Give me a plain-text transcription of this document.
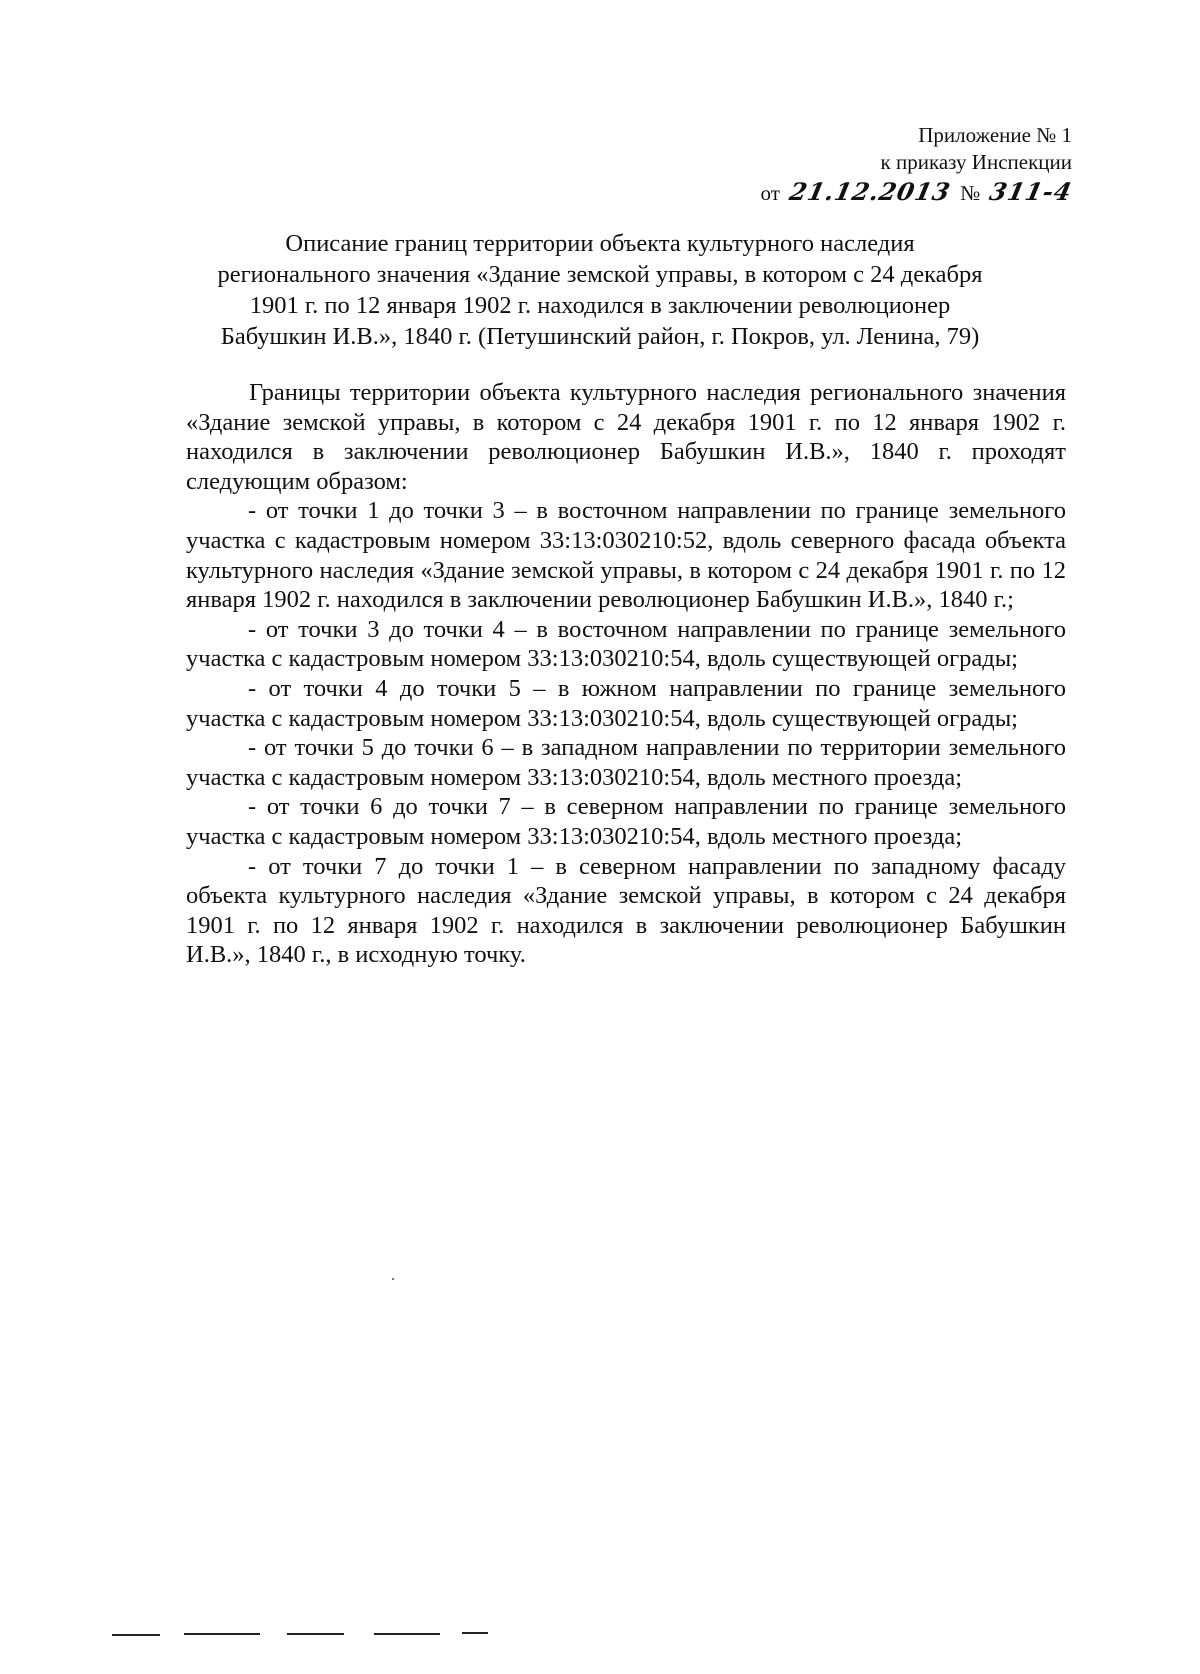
Приложение № 1
к приказу Инспекции
от 21.12.2013 № 311-4
Описание границ территории объекта культурного наследия
регионального значения «Здание земской управы, в котором с 24 декабря
1901 г. по 12 января 1902 г. находился в заключении революционер
Бабушкин И.В.», 1840 г. (Петушинский район, г. Покров, ул. Ленина, 79)

Границы территории объекта культурного наследия регионального значения «Здание земской управы, в котором с 24 декабря 1901 г. по 12 января 1902 г. находился в заключении революционер Бабушкин И.В.», 1840 г. проходят следующим образом:

- от точки 1 до точки 3 – в восточном направлении по границе земельного участка с кадастровым номером 33:13:030210:52, вдоль северного фасада объекта культурного наследия «Здание земской управы, в котором с 24 декабря 1901 г. по 12 января 1902 г. находился в заключении революционер Бабушкин И.В.», 1840 г.;

- от точки 3 до точки 4 – в восточном направлении по границе земельного участка с кадастровым номером 33:13:030210:54, вдоль существующей ограды;

- от точки 4 до точки 5 – в южном направлении по границе земельного участка с кадастровым номером 33:13:030210:54, вдоль существующей ограды;

- от точки 5 до точки 6 – в западном направлении по территории земельного участка с кадастровым номером 33:13:030210:54, вдоль местного проезда;

- от точки 6 до точки 7 – в северном направлении по границе земельного участка с кадастровым номером 33:13:030210:54, вдоль местного проезда;

- от точки 7 до точки 1 – в северном направлении по западному фасаду объекта культурного наследия «Здание земской управы, в котором с 24 декабря 1901 г. по 12 января 1902 г. находился в заключении революционер Бабушкин И.В.», 1840 г., в исходную точку.
